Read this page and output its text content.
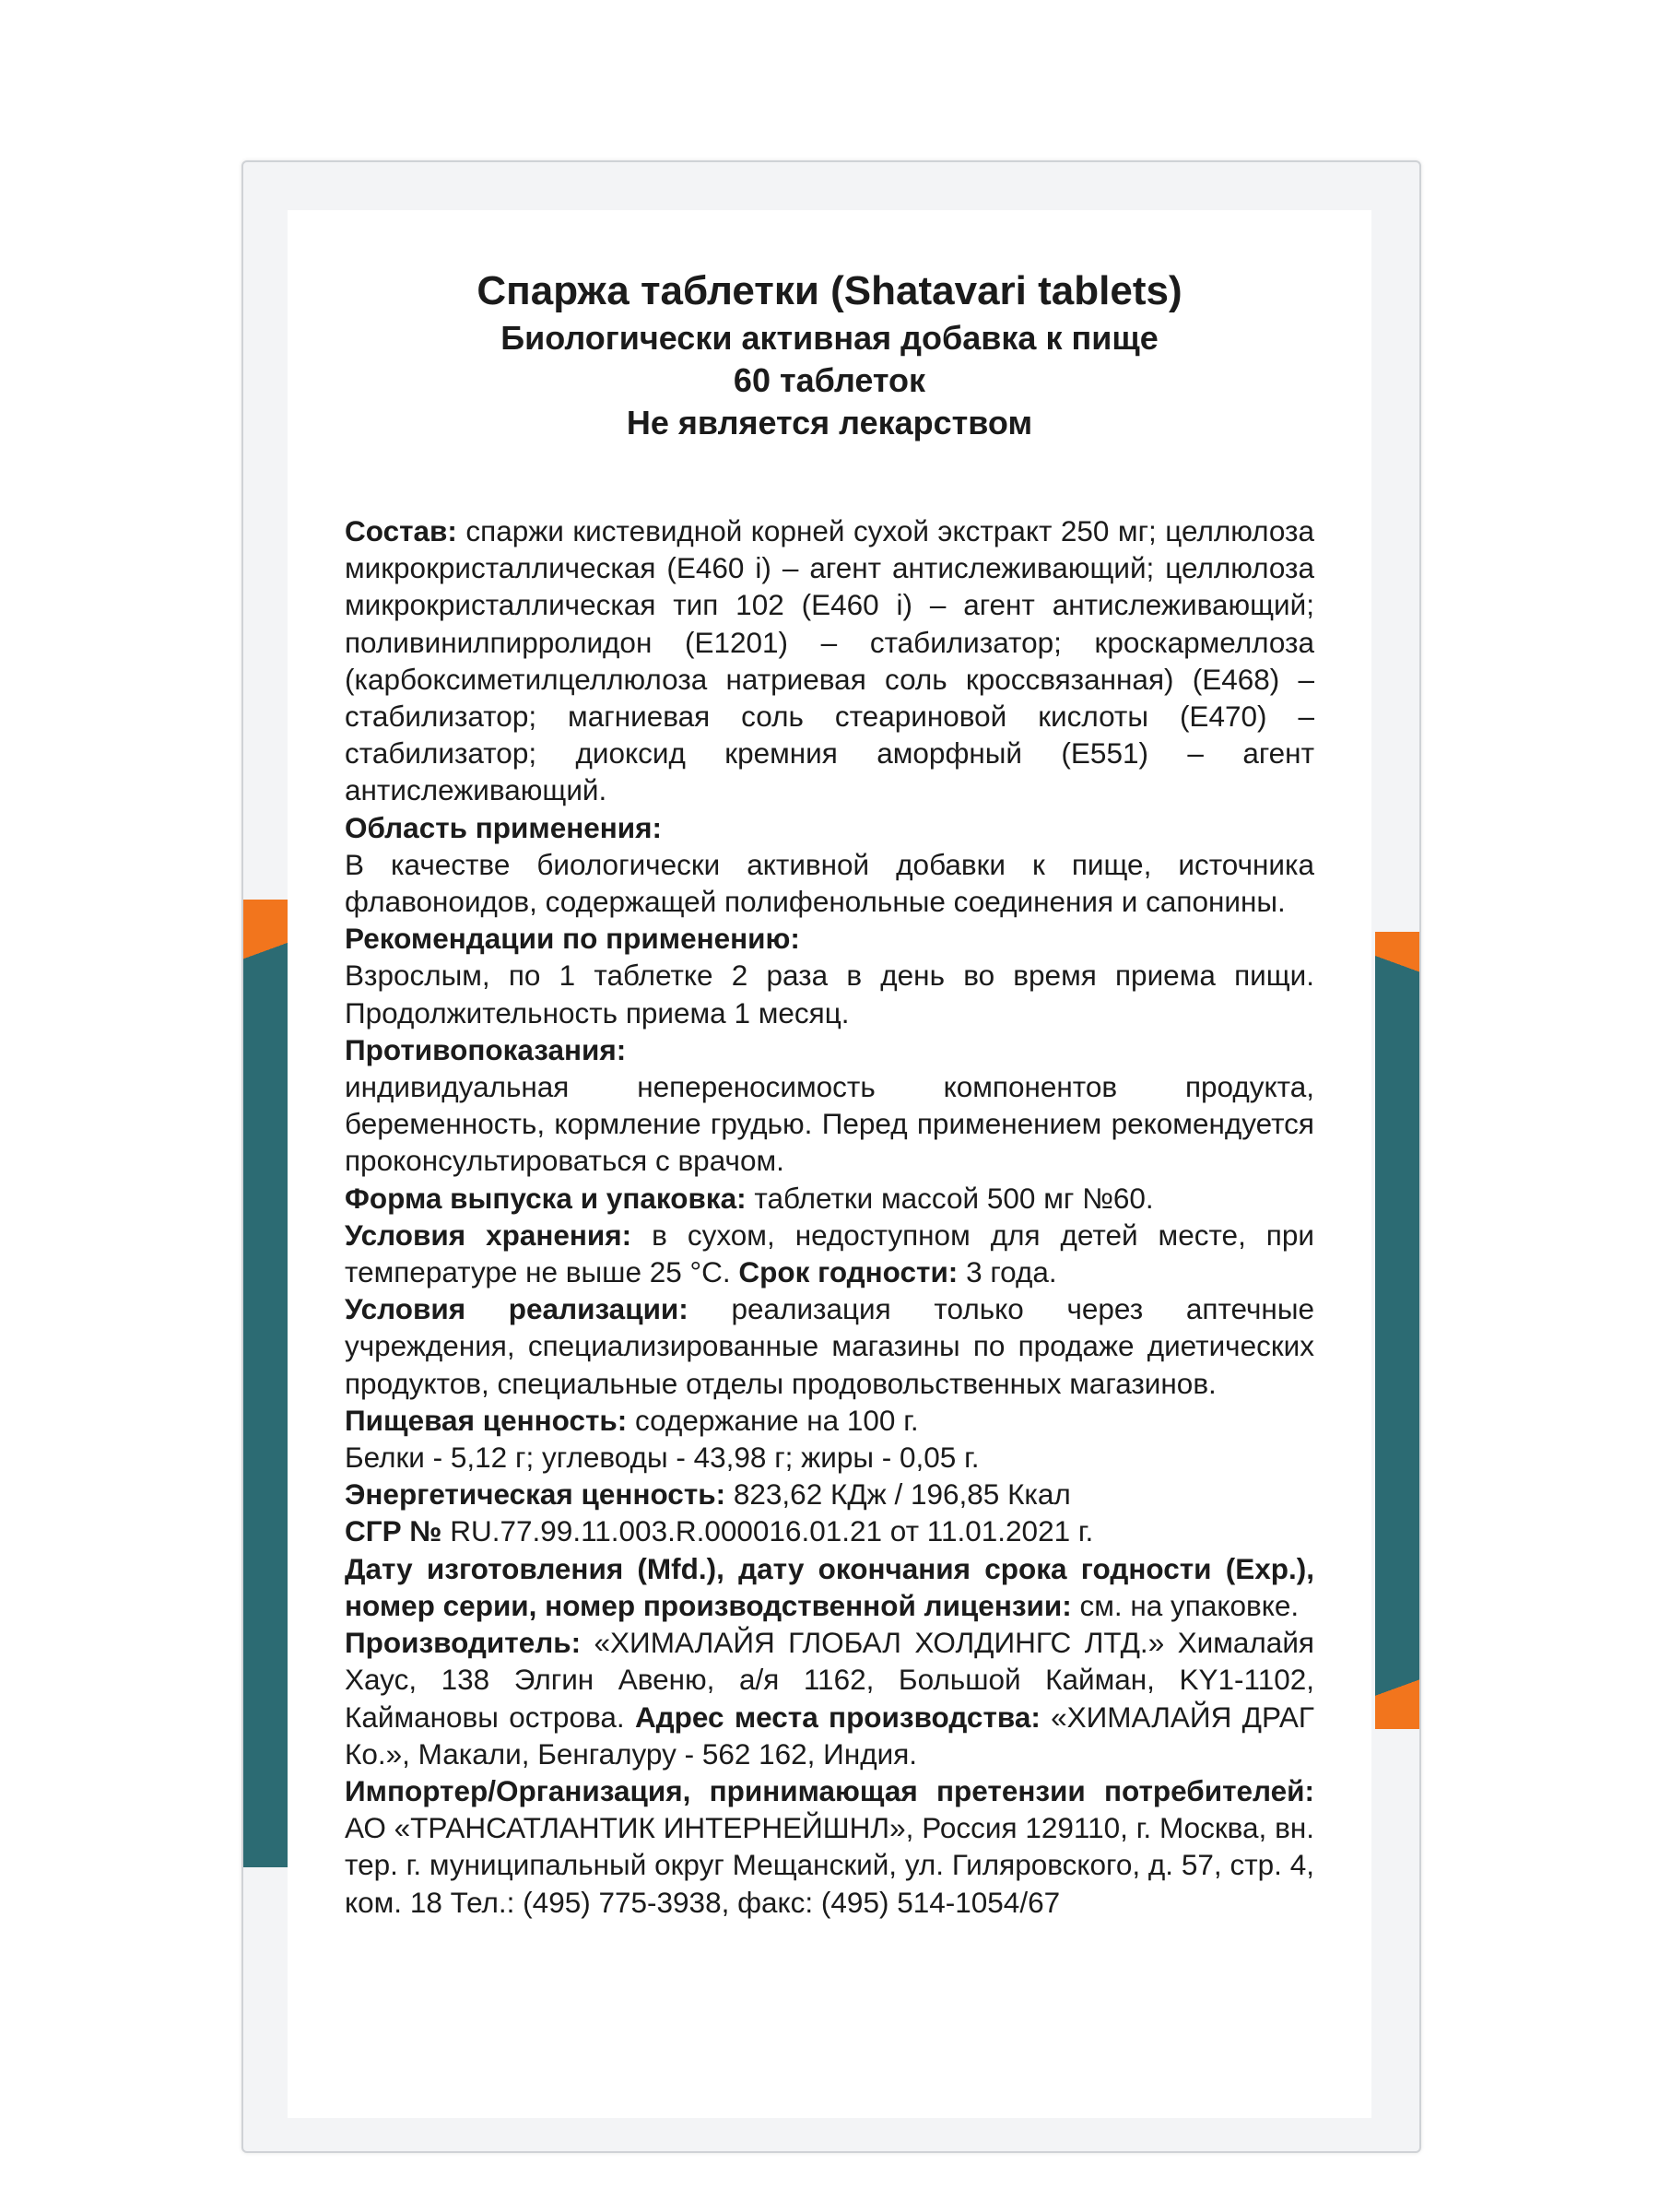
Спаржа таблетки (Shatavari tablets)

Биологически активная добавка к пище

60 таблеток

Не является лекарством

Состав: спаржи кистевидной корней сухой экстракт 250 мг; целлюлоза микрокристаллическая (Е460 i) – агент антислеживающий; целлюлоза микрокристаллическая тип 102 (Е460 i) – агент антислеживающий; поливинилпирролидон (Е1201) – стабилизатор; кроскармеллоза (карбоксиметилцеллюлоза натриевая соль кроссвязанная) (Е468) – стабилизатор; магниевая соль стеариновой кислоты (Е470) – стабилизатор; диоксид кремния аморфный (Е551) – агент антислеживающий.

Область применения:

В качестве биологически активной добавки к пище, источника флавоноидов, содержащей полифенольные соединения и сапонины.

Рекомендации по применению:

Взрослым, по 1 таблетке 2 раза в день во время приема пищи. Продолжительность приема 1 месяц.

Противопоказания:

индивидуальная непереносимость компонентов продукта, беременность, кормление грудью. Перед применением рекомендуется проконсультироваться с врачом.

Форма выпуска и упаковка: таблетки массой 500 мг №60.

Условия хранения: в сухом, недоступном для детей месте, при температуре не выше 25 °С. Срок годности: 3 года.

Условия реализации: реализация только через аптечные учреждения, специализированные магазины по продаже диетических продуктов, специальные отделы продовольственных магазинов.

Пищевая ценность: содержание на 100 г.

Белки - 5,12 г; углеводы - 43,98 г; жиры - 0,05 г.

Энергетическая ценность: 823,62 КДж / 196,85 Ккал

СГР № RU.77.99.11.003.R.000016.01.21 от 11.01.2021 г.

Дату изготовления (Mfd.), дату окончания срока годности (Exp.), номер серии, номер производственной лицензии: см. на упаковке.

Производитель: «ХИМАЛАЙЯ ГЛОБАЛ ХОЛДИНГС ЛТД.» Хималайя Хаус, 138 Элгин Авеню, а/я 1162, Большой Кайман, KY1-1102, Каймановы острова. Адрес места производства: «ХИМАЛАЙЯ ДРАГ Ко.», Макали, Бенгалуру - 562 162, Индия.

Импортер/Организация, принимающая претензии потребителей: АО «ТРАНСАТЛАНТИК ИНТЕРНЕЙШНЛ», Россия 129110, г. Москва, вн. тер. г. муниципальный округ Мещанский, ул. Гиляровского, д. 57, стр. 4, ком. 18 Тел.: (495) 775-3938, факс: (495) 514-1054/67
